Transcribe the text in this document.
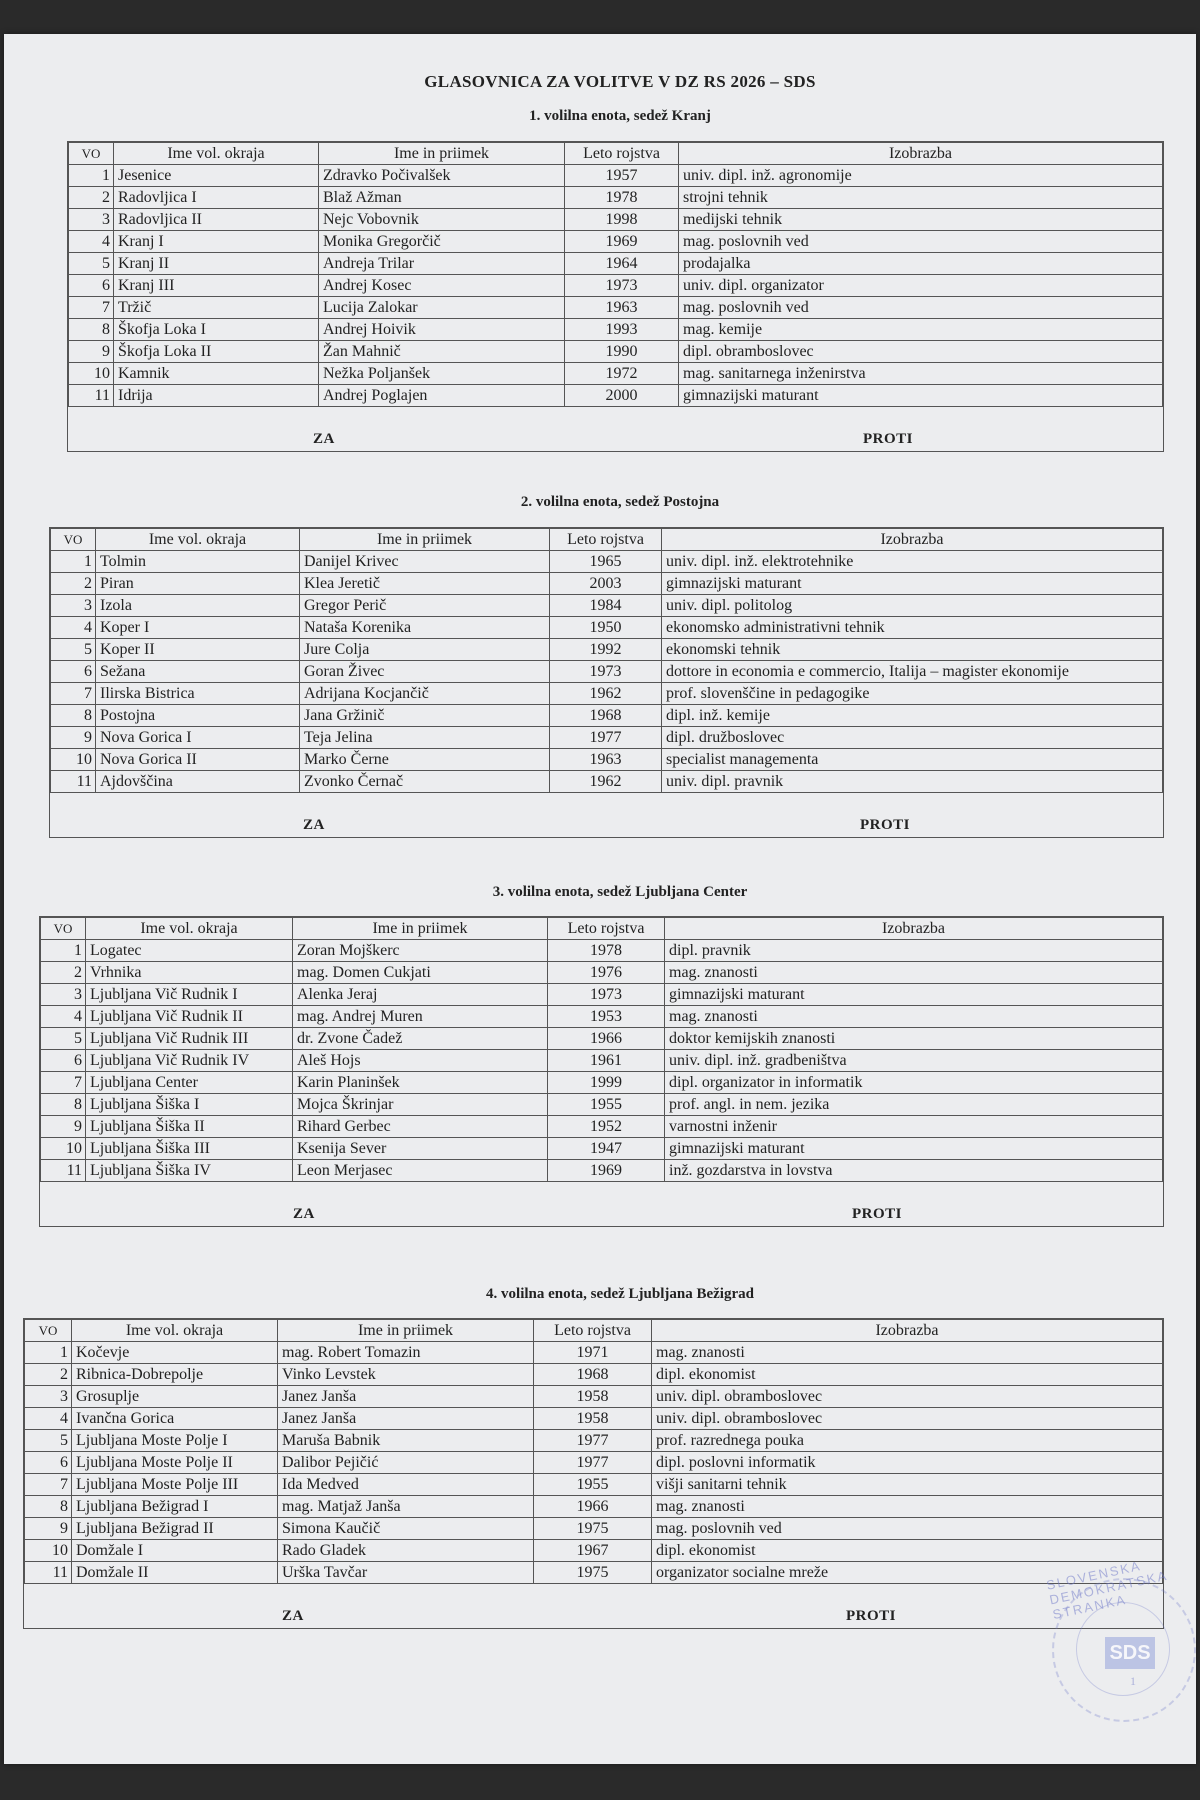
GLASOVNICA ZA VOLITVE V DZ RS 2026 – SDS
1. volilna enota, sedež Kranj
VO	Ime vol. okraja	Ime in priimek	Leto rojstva	Izobrazba
1	Jesenice	Zdravko Počivalšek	1957	univ. dipl. inž. agronomije
2	Radovljica I	Blaž Ažman	1978	strojni tehnik
3	Radovljica II	Nejc Vobovnik	1998	medijski tehnik
4	Kranj I	Monika Gregorčič	1969	mag. poslovnih ved
5	Kranj II	Andreja Trilar	1964	prodajalka
6	Kranj III	Andrej Kosec	1973	univ. dipl. organizator
7	Tržič	Lucija Zalokar	1963	mag. poslovnih ved
8	Škofja Loka I	Andrej Hoivik	1993	mag. kemije
9	Škofja Loka II	Žan Mahnič	1990	dipl. obramboslovec
10	Kamnik	Nežka Poljanšek	1972	mag. sanitarnega inženirstva
11	Idrija	Andrej Poglajen	2000	gimnazijski maturant
ZA	PROTI
2. volilna enota, sedež Postojna
VO	Ime vol. okraja	Ime in priimek	Leto rojstva	Izobrazba
1	Tolmin	Danijel Krivec	1965	univ. dipl. inž. elektrotehnike
2	Piran	Klea Jeretič	2003	gimnazijski maturant
3	Izola	Gregor Perič	1984	univ. dipl. politolog
4	Koper I	Nataša Korenika	1950	ekonomsko administrativni tehnik
5	Koper II	Jure Colja	1992	ekonomski tehnik
6	Sežana	Goran Živec	1973	dottore in economia e commercio, Italija – magister ekonomije
7	Ilirska Bistrica	Adrijana Kocjančič	1962	prof. slovenščine in pedagogike
8	Postojna	Jana Gržinič	1968	dipl. inž. kemije
9	Nova Gorica I	Teja Jelina	1977	dipl. družboslovec
10	Nova Gorica II	Marko Černe	1963	specialist managementa
11	Ajdovščina	Zvonko Černač	1962	univ. dipl. pravnik
ZA	PROTI
3. volilna enota, sedež Ljubljana Center
VO	Ime vol. okraja	Ime in priimek	Leto rojstva	Izobrazba
1	Logatec	Zoran Mojškerc	1978	dipl. pravnik
2	Vrhnika	mag. Domen Cukjati	1976	mag. znanosti
3	Ljubljana Vič Rudnik I	Alenka Jeraj	1973	gimnazijski maturant
4	Ljubljana Vič Rudnik II	mag. Andrej Muren	1953	mag. znanosti
5	Ljubljana Vič Rudnik III	dr. Zvone Čadež	1966	doktor kemijskih znanosti
6	Ljubljana Vič Rudnik IV	Aleš Hojs	1961	univ. dipl. inž. gradbeništva
7	Ljubljana Center	Karin Planinšek	1999	dipl. organizator in informatik
8	Ljubljana Šiška I	Mojca Škrinjar	1955	prof. angl. in nem. jezika
9	Ljubljana Šiška II	Rihard Gerbec	1952	varnostni inženir
10	Ljubljana Šiška III	Ksenija Sever	1947	gimnazijski maturant
11	Ljubljana Šiška IV	Leon Merjasec	1969	inž. gozdarstva in lovstva
ZA	PROTI
4. volilna enota, sedež Ljubljana Bežigrad
VO	Ime vol. okraja	Ime in priimek	Leto rojstva	Izobrazba
1	Kočevje	mag. Robert Tomazin	1971	mag. znanosti
2	Ribnica-Dobrepolje	Vinko Levstek	1968	dipl. ekonomist
3	Grosuplje	Janez Janša	1958	univ. dipl. obramboslovec
4	Ivančna Gorica	Janez Janša	1958	univ. dipl. obramboslovec
5	Ljubljana Moste Polje I	Maruša Babnik	1977	prof. razrednega pouka
6	Ljubljana Moste Polje II	Dalibor Pejičić	1977	dipl. poslovni informatik
7	Ljubljana Moste Polje III	Ida Medved	1955	višji sanitarni tehnik
8	Ljubljana Bežigrad I	mag. Matjaž Janša	1966	mag. znanosti
9	Ljubljana Bežigrad II	Simona Kaučič	1975	mag. poslovnih ved
10	Domžale I	Rado Gladek	1967	dipl. ekonomist
11	Domžale II	Urška Tavčar	1975	organizator socialne mreže
ZA	PROTI
SLOVENSKA DEMOKRATSKA STRANKA
SDS
1
